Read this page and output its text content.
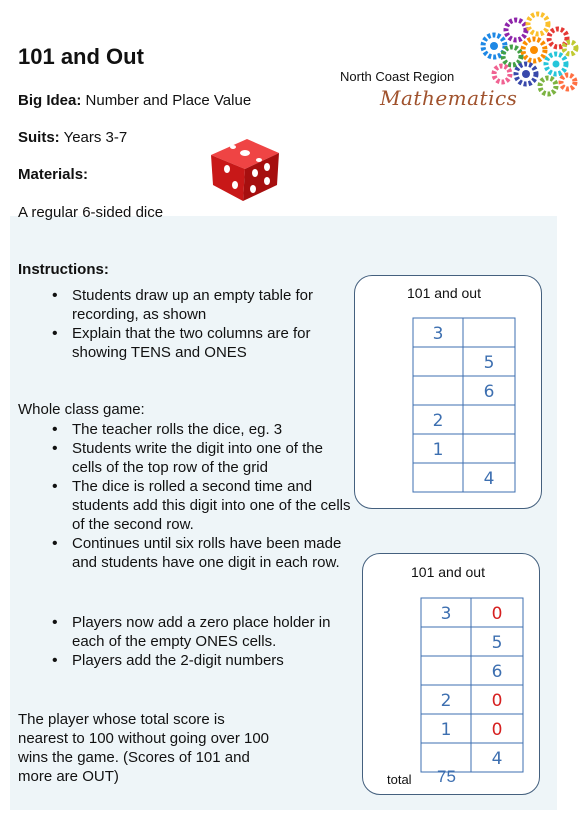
101 and Out
Big Idea: Number and Place Value
Suits: Years 3-7
Materials:
A regular 6-sided dice
North Coast Region
Mathematics
Instructions:
• Students draw up an empty table for recording, as shown
• Explain that the two columns are for showing TENS and ONES
Whole class game:
• The teacher rolls the dice, eg. 3
• Students write the digit into one of the cells of the top row of the grid
• The dice is rolled a second time and students add this digit into one of the cells of the second row.
• Continues until six rolls have been made and students have one digit in each row.
• Players now add a zero place holder in each of the empty ONES cells.
• Players add the 2-digit numbers
The player whose total score is nearest to 100 without going over 100 wins the game. (Scores of 101 and more are OUT)
101 and out
3
5
6
2
1
4
101 and out
3 0
5
6
2 0
1 0
4
total 75
